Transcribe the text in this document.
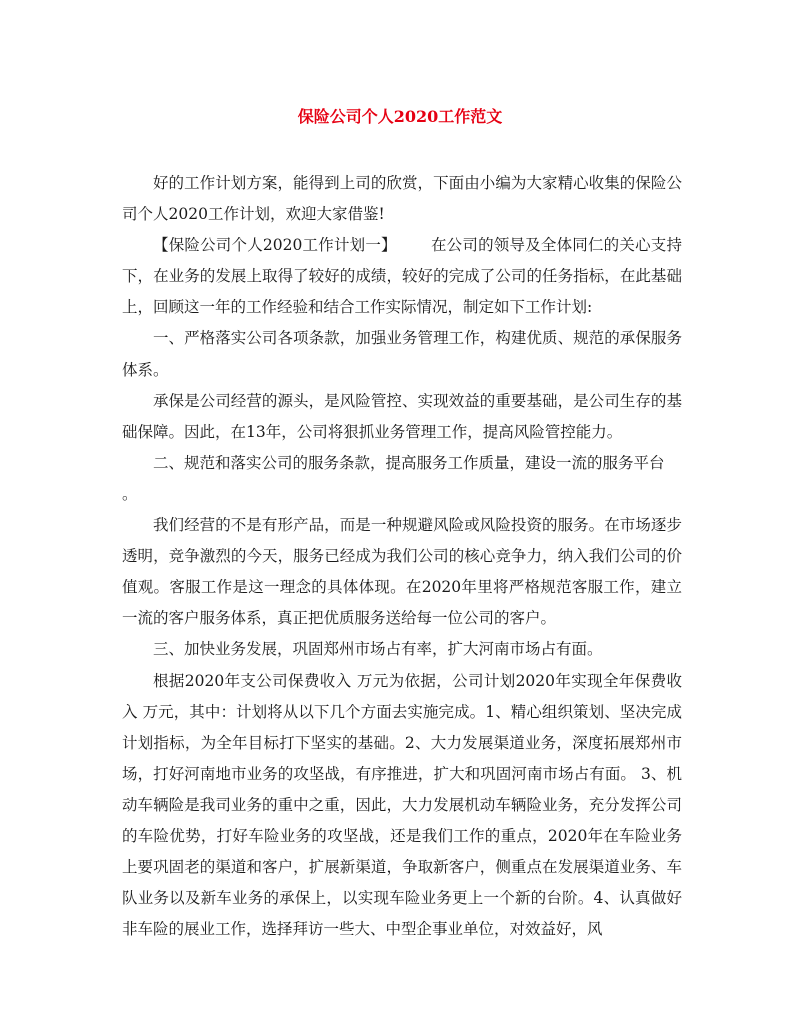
保险公司个人2020工作范文

好的工作计划方案，能得到上司的欣赏，下面由小编为大家精心收集的保险公司个人2020工作计划，欢迎大家借鉴!

【保险公司个人2020工作计划一】 在公司的领导及全体同仁的关心支持下，在业务的发展上取得了较好的成绩，较好的完成了公司的任务指标，在此基础上，回顾这一年的工作经验和结合工作实际情况，制定如下工作计划:

一、严格落实公司各项条款，加强业务管理工作，构建优质、规范的承保服务体系。

承保是公司经营的源头，是风险管控、实现效益的重要基础，是公司生存的基础保障。因此，在13年，公司将狠抓业务管理工作，提高风险管控能力。

二、规范和落实公司的服务条款，提高服务工作质量，建设一流的服务平台

。

我们经营的不是有形产品，而是一种规避风险或风险投资的服务。在市场逐步透明，竞争激烈的今天，服务已经成为我们公司的核心竞争力，纳入我们公司的价值观。客服工作是这一理念的具体体现。在2020年里将严格规范客服工作，建立一流的客户服务体系，真正把优质服务送给每一位公司的客户。

三、加快业务发展，巩固郑州市场占有率，扩大河南市场占有面。

根据2020年支公司保费收入 万元为依据，公司计划2020年实现全年保费收入 万元，其中：计划将从以下几个方面去实施完成。1、精心组织策划、坚决完成计划指标，为全年目标打下坚实的基础。2、大力发展渠道业务，深度拓展郑州市场，打好河南地市业务的攻坚战，有序推进，扩大和巩固河南市场占有面。 3、机动车辆险是我司业务的重中之重，因此，大力发展机动车辆险业务，充分发挥公司的车险优势，打好车险业务的攻坚战，还是我们工作的重点，2020年在车险业务上要巩固老的渠道和客户，扩展新渠道，争取新客户，侧重点在发展渠道业务、车队业务以及新车业务的承保上，以实现车险业务更上一个新的台阶。4、认真做好非车险的展业工作，选择拜访一些大、中型企事业单位，对效益好，风
